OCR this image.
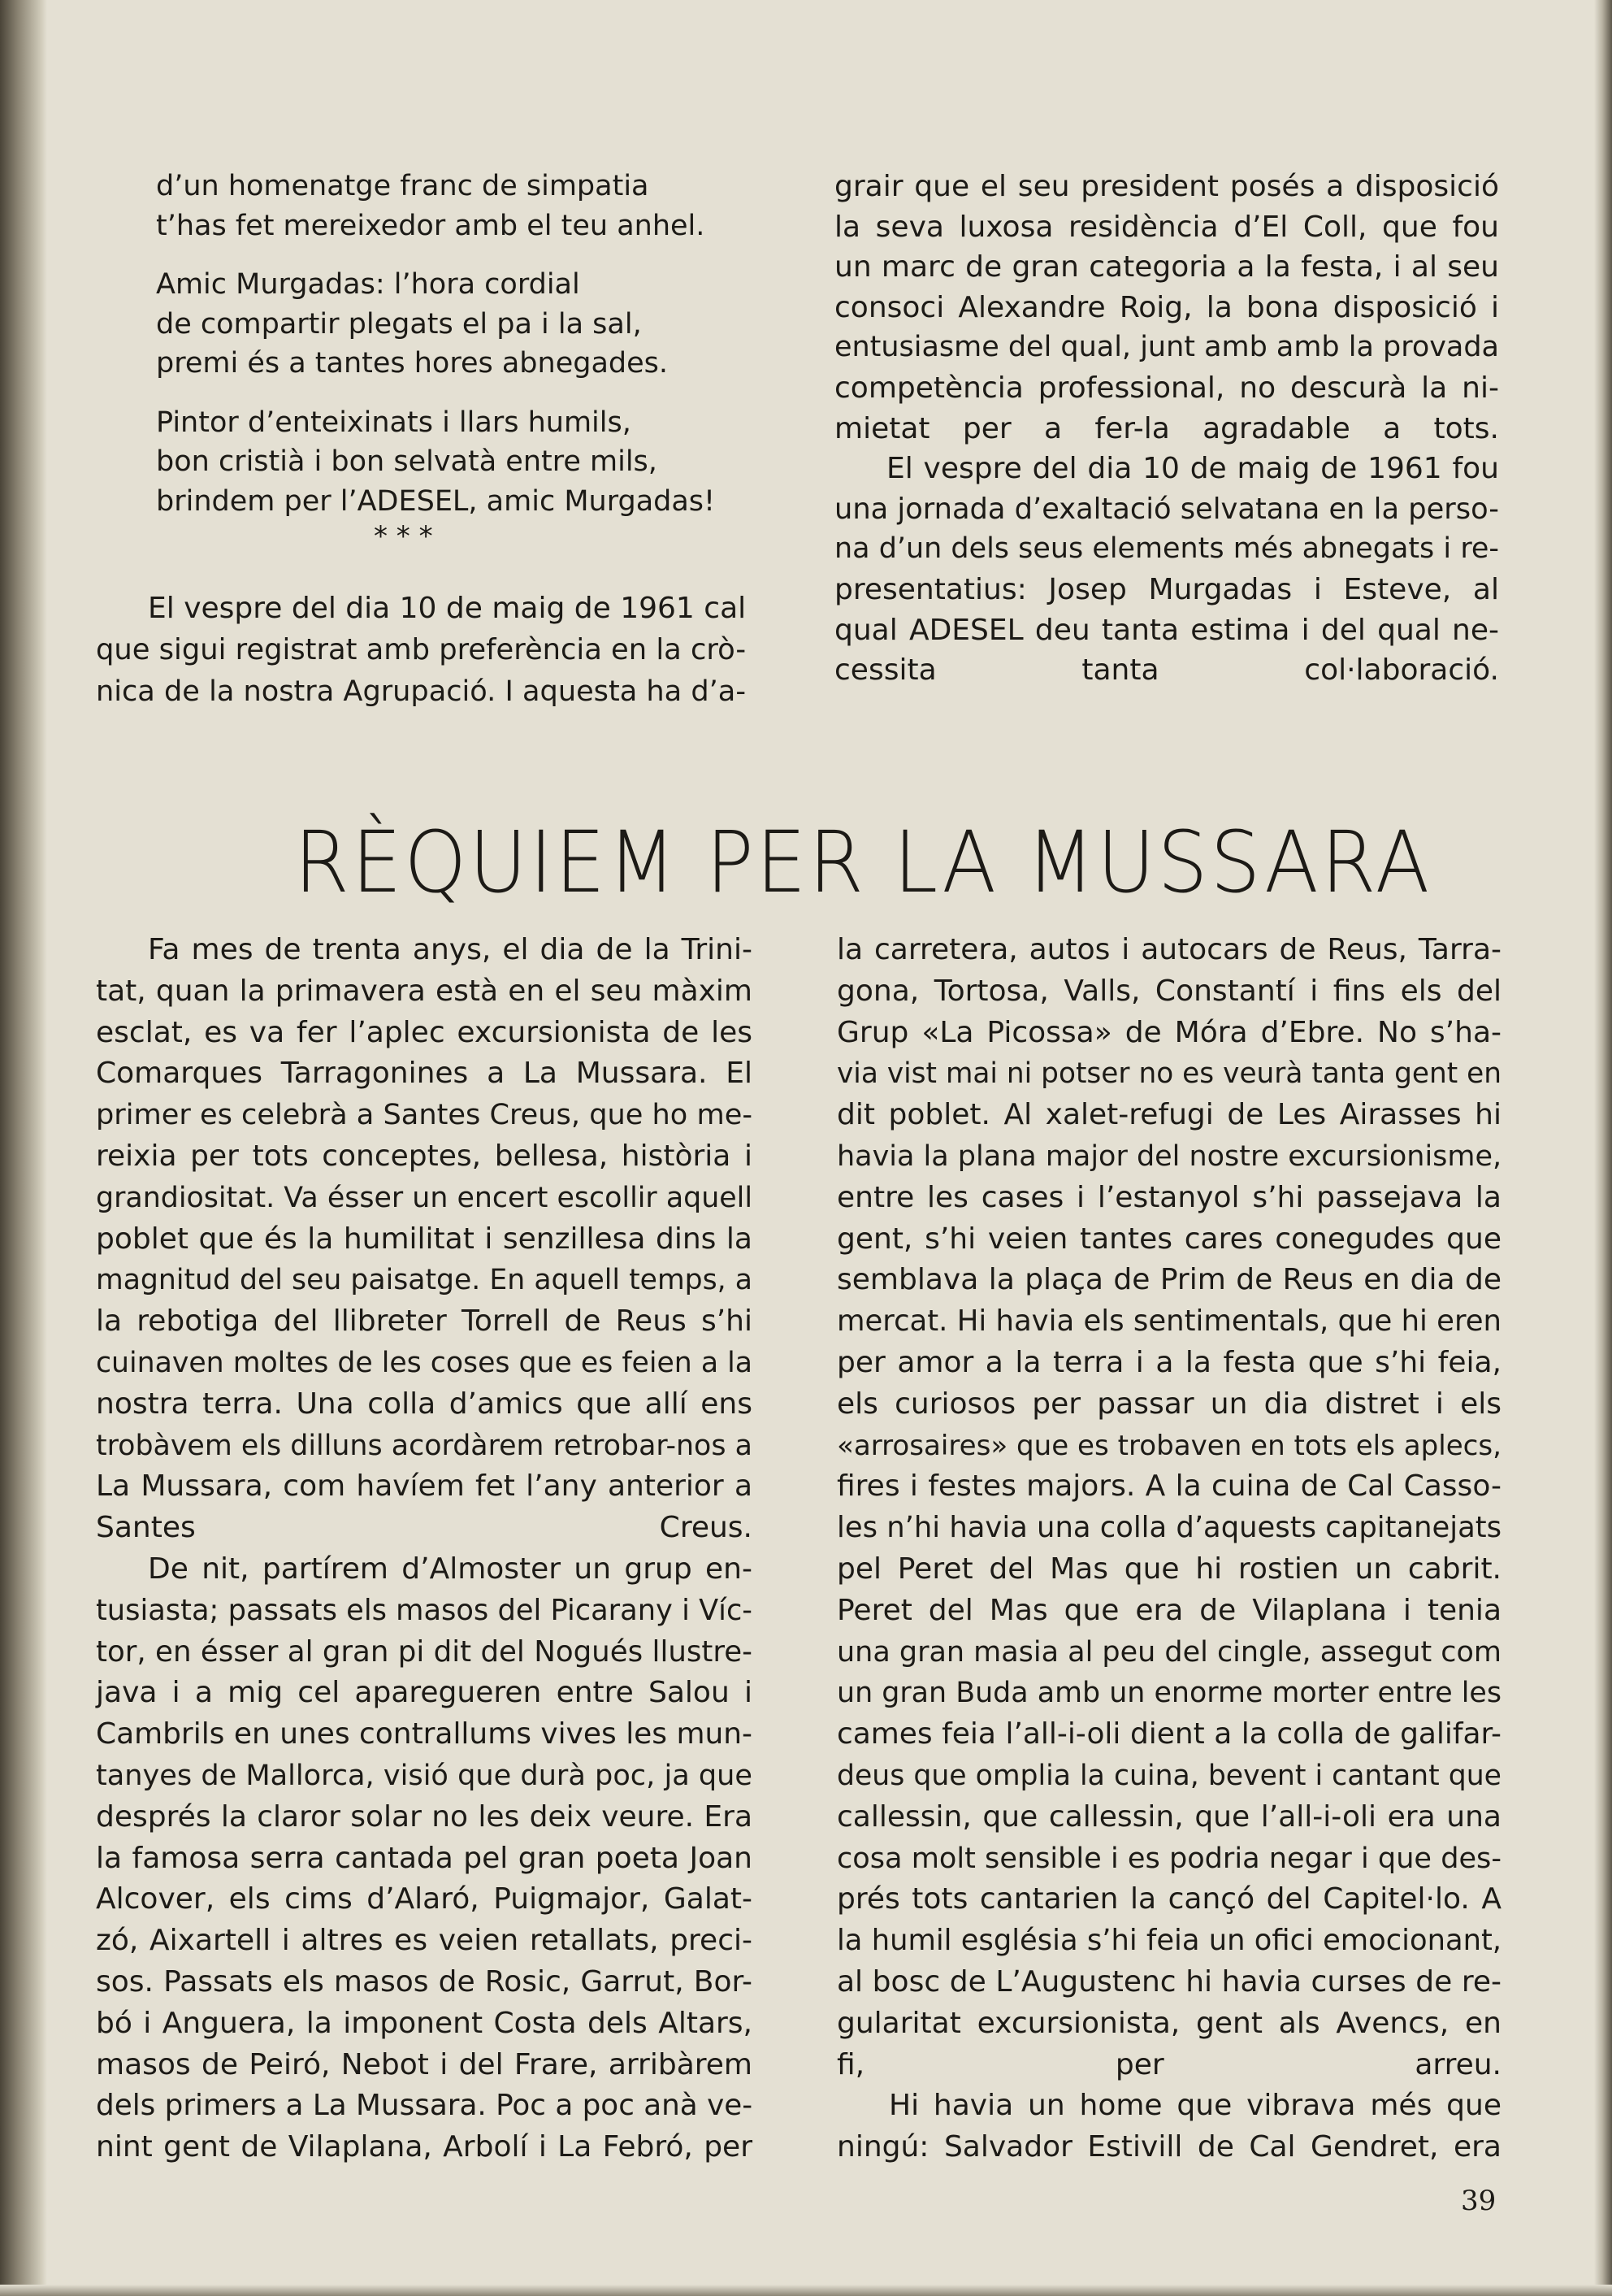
d’un homenatge franc de simpatia
t’has fet mereixedor amb el teu anhel.
Amic Murgadas: l’hora cordial
de compartir plegats el pa i la sal,
premi és a tantes hores abnegades.
Pintor d’enteixinats i llars humils,
bon cristià i bon selvatà entre mils,
brindem per l’ADESEL, amic Murgadas!
* * *
El vespre del dia 10 de maig de 1961 cal
que sigui registrat amb preferència en la crò-
nica de la nostra Agrupació. I aquesta ha d’a-
grair que el seu president posés a disposició
la seva luxosa residència d’El Coll, que fou
un marc de gran categoria a la festa, i al seu
consoci Alexandre Roig, la bona disposició i
entusiasme del qual, junt amb amb la provada
competència professional, no descurà la ni-
mietat per a fer-la agradable a tots.
El vespre del dia 10 de maig de 1961 fou
una jornada d’exaltació selvatana en la perso-
na d’un dels seus elements més abnegats i re-
presentatius: Josep Murgadas i Esteve, al
qual ADESEL deu tanta estima i del qual ne-
cessita tanta col·laboració.
RÈQUIEM PER LA MUSSARA
Fa mes de trenta anys, el dia de la Trini-
tat, quan la primavera està en el seu màxim
esclat, es va fer l’aplec excursionista de les
Comarques Tarragonines a La Mussara. El
primer es celebrà a Santes Creus, que ho me-
reixia per tots conceptes, bellesa, història i
grandiositat. Va ésser un encert escollir aquell
poblet que és la humilitat i senzillesa dins la
magnitud del seu paisatge. En aquell temps, a
la rebotiga del llibreter Torrell de Reus s’hi
cuinaven moltes de les coses que es feien a la
nostra terra. Una colla d’amics que allí ens
trobàvem els dilluns acordàrem retrobar-nos a
La Mussara, com havíem fet l’any anterior a
Santes Creus.
De nit, partírem d’Almoster un grup en-
tusiasta; passats els masos del Picarany i Víc-
tor, en ésser al gran pi dit del Nogués llustre-
java i a mig cel aparegueren entre Salou i
Cambrils en unes contrallums vives les mun-
tanyes de Mallorca, visió que durà poc, ja que
després la claror solar no les deix veure. Era
la famosa serra cantada pel gran poeta Joan
Alcover, els cims d’Alaró, Puigmajor, Galat-
zó, Aixartell i altres es veien retallats, preci-
sos. Passats els masos de Rosic, Garrut, Bor-
bó i Anguera, la imponent Costa dels Altars,
masos de Peiró, Nebot i del Frare, arribàrem
dels primers a La Mussara. Poc a poc anà ve-
nint gent de Vilaplana, Arbolí i La Febró, per
la carretera, autos i autocars de Reus, Tarra-
gona, Tortosa, Valls, Constantí i fins els del
Grup «La Picossa» de Móra d’Ebre. No s’ha-
via vist mai ni potser no es veurà tanta gent en
dit poblet. Al xalet-refugi de Les Airasses hi
havia la plana major del nostre excursionisme,
entre les cases i l’estanyol s’hi passejava la
gent, s’hi veien tantes cares conegudes que
semblava la plaça de Prim de Reus en dia de
mercat. Hi havia els sentimentals, que hi eren
per amor a la terra i a la festa que s’hi feia,
els curiosos per passar un dia distret i els
«arrosaires» que es trobaven en tots els aplecs,
fires i festes majors. A la cuina de Cal Casso-
les n’hi havia una colla d’aquests capitanejats
pel Peret del Mas que hi rostien un cabrit.
Peret del Mas que era de Vilaplana i tenia
una gran masia al peu del cingle, assegut com
un gran Buda amb un enorme morter entre les
cames feia l’all-i-oli dient a la colla de galifar-
deus que omplia la cuina, bevent i cantant que
callessin, que callessin, que l’all-i-oli era una
cosa molt sensible i es podria negar i que des-
prés tots cantarien la cançó del Capitel·lo. A
la humil església s’hi feia un ofici emocionant,
al bosc de L’Augustenc hi havia curses de re-
gularitat excursionista, gent als Avencs, en
fi, per arreu.
Hi havia un home que vibrava més que
ningú: Salvador Estivill de Cal Gendret, era
39
